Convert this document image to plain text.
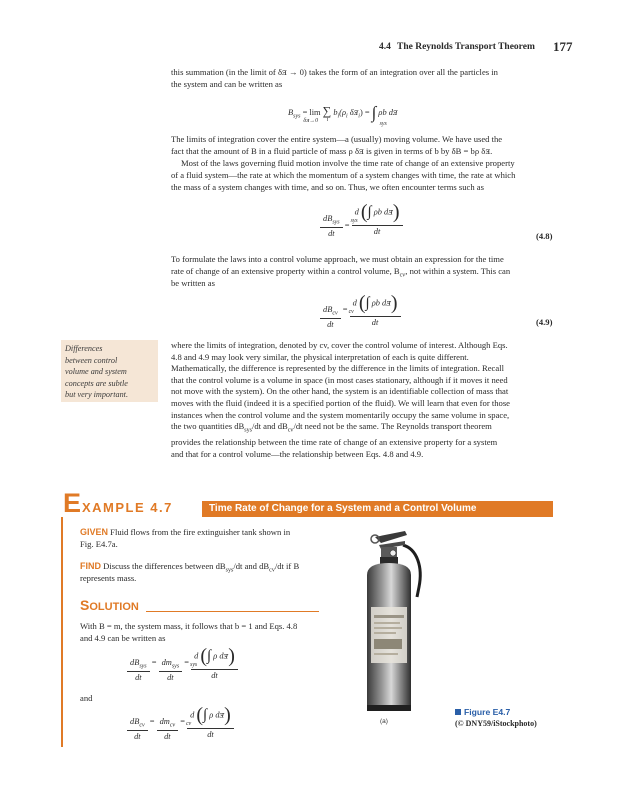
4.4 The Reynolds Transport Theorem 177
this summation (in the limit of δⱻ → 0) takes the form of an integration over all the particles in
the system and can be written as
$B_{sys} = \lim$
δⱻ→0
∑
i
$b_i(\rho_i$ δⱻ$_i$) = ∫
sys
ρb dⱻ
The limits of integration cover the entire system—a (usually) moving volume. We have used the
fact that the amount of B in a fluid particle of mass ρ δⱻ is given in terms of b by δB = bρ δⱻ.
Most of the laws governing fluid motion involve the time rate of change of an extensive property
of a fluid system—the rate at which the momentum of a system changes with time, the rate at which
the mass of a system changes with time, and so on. Thus, we often encounter terms such as
$\frac{dB_{sys}}{dt} = d$ (∫ ρb dⱻ)
sys
dt	(4.8)
To formulate the laws into a control volume approach, we must obtain an expression for the time
rate of change of an extensive property within a control volume, $B_{cv}$, not within a system. This can
be written as
$\frac{dB_{cv}}{dt} = d$ (∫ ρb dⱻ)
cv
dt	(4.9)
Differences
between control
volume and system
concepts are subtle
but very important.
where the limits of integration, denoted by cv, cover the control volume of interest. Although Eqs.
4.8 and 4.9 may look very similar, the physical interpretation of each is quite different.
Mathematically, the difference is represented by the difference in the limits of integration. Recall
that the control volume is a volume in space (in most cases stationary, although if it moves it need
not move with the system). On the other hand, the system is an identifiable collection of mass that
moves with the fluid (indeed it is a specified portion of the fluid). We will learn that even for those
instances when the control volume and the system momentarily occupy the same volume in space,
the two quantities $dB_{sys}/dt$ and $dB_{cv}/dt$ need not be the same. The Reynolds transport theorem
provides the relationship between the time rate of change of an extensive property for a system
and that for a control volume—the relationship between Eqs. 4.8 and 4.9.
E XAMPLE 4.7	Time Rate of Change for a System and a Control Volume
GIVEN Fluid flows from the fire extinguisher tank shown in
Fig. E4.7a.
FIND Discuss the differences between $dB_{sys}/dt$ and $dB_{cv}/dt$ if B
represents mass.
SOLUTION
With B = m, the system mass, it follows that b = 1 and Eqs. 4.8
and 4.9 can be written as
$\frac{dB_{sys}}{dt} = \frac{dm_{sys}}{dt} = d$ (∫ ρ dⱻ)
sys
dt
and
$\frac{dB_{cv}}{dt} = \frac{dm_{cv}}{dt} = d$ (∫ ρ dⱻ)
cv
dt	(a)
Figure E4.7
(© DNY59/iStockphoto)
